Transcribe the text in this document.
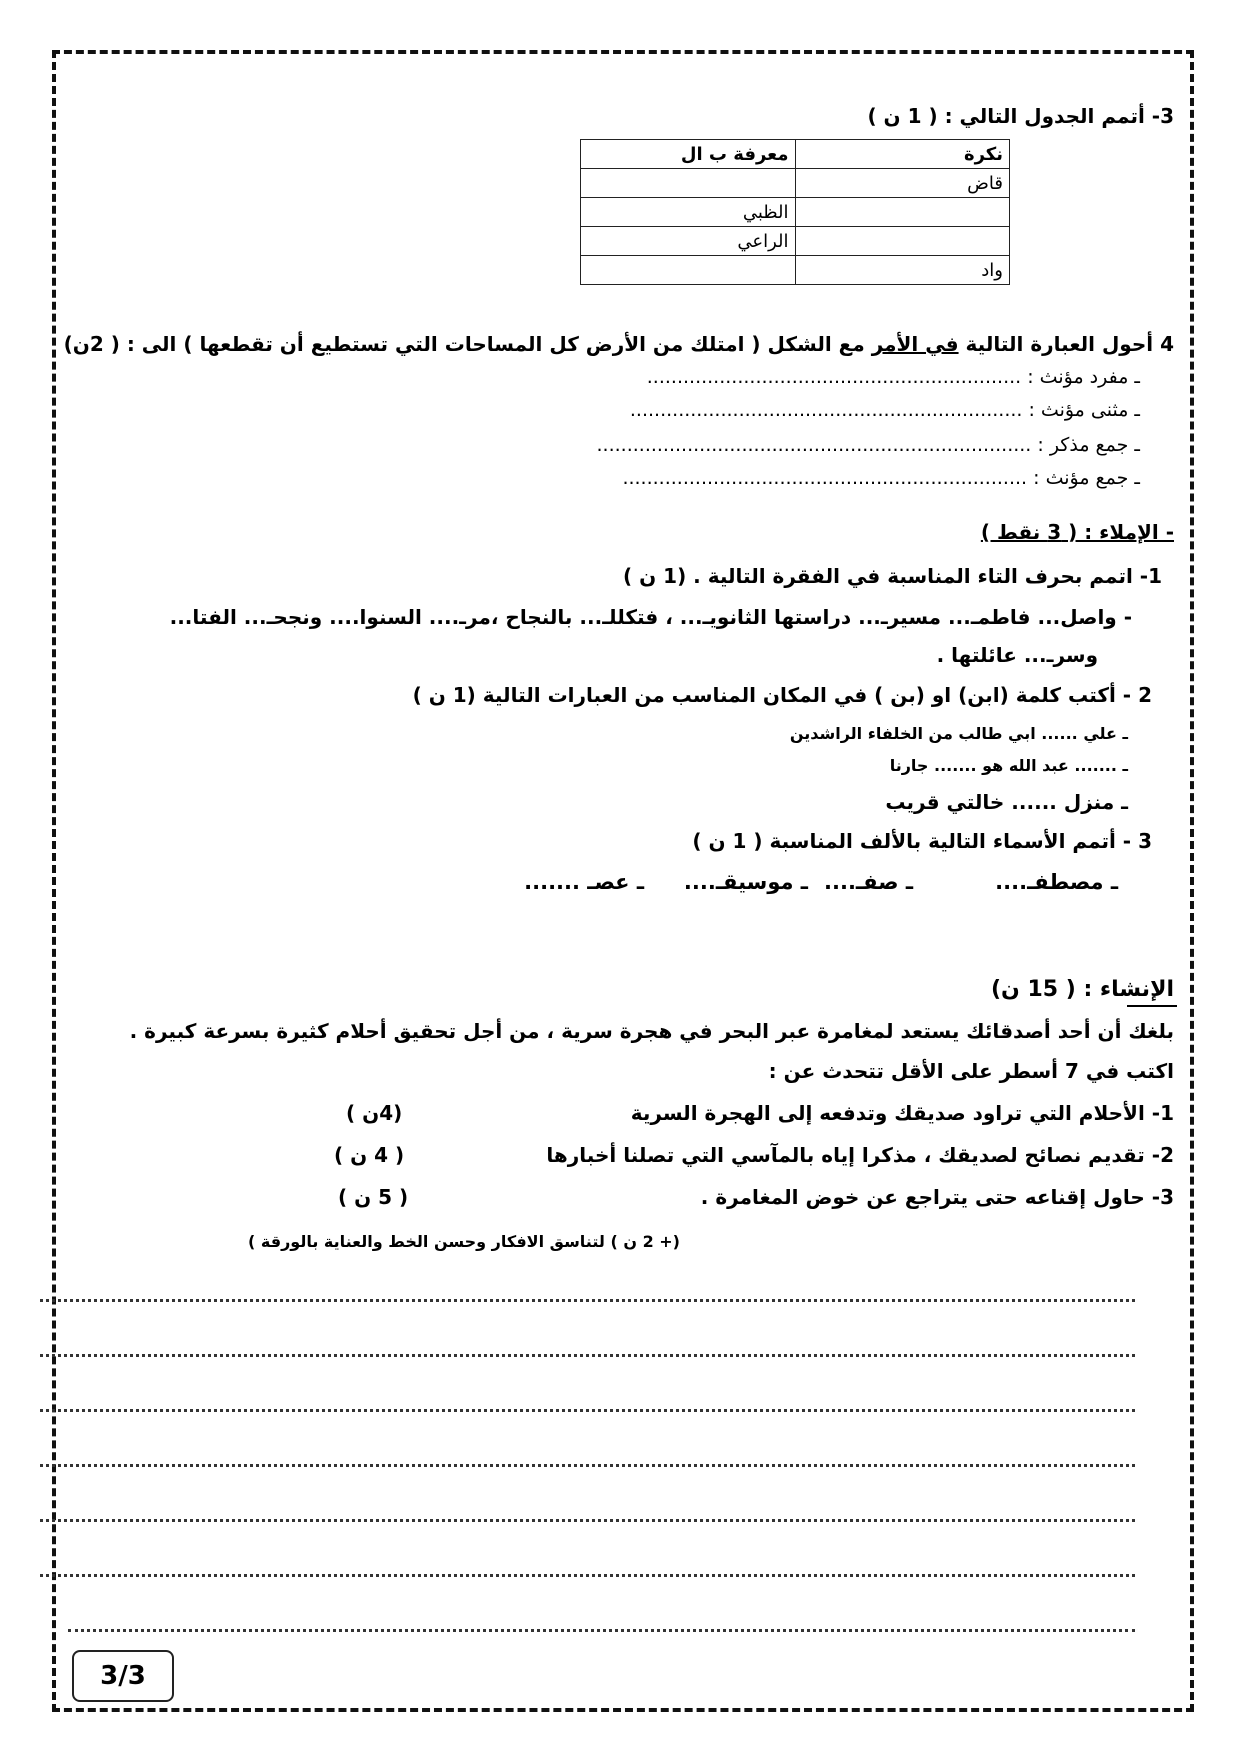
3- أتمم الجدول التالي : ( 1 ن )
نكرة	معرفة ب ال
قاض	
	الظبي
	الراعي
واد	
4 أحول العبارة التالية في الأمر مع الشكل ( امتلك من الأرض كل المساحات التي تستطيع أن تقطعها ) الى : ( 2ن)
ـ مفرد مؤنث : ..............................................................
ـ مثنى مؤنث : .................................................................
ـ جمع مذكر : ........................................................................
ـ جمع مؤنث : ...................................................................
- الإملاء : ( 3 نقط )
1- اتمم بحرف التاء المناسبة في الفقرة التالية . (1 ن )
- واصل... فاطمـ... مسيرـ... دراستها الثانويـ... ، فتكللـ... بالنجاح ،مرـ.... السنوا.... ونجحـ... الفتا...
وسرـ... عائلتها .
2 - أكتب كلمة (ابن) او (بن ) في المكان المناسب من العبارات التالية (1 ن )
ـ علي ...... ابي طالب من الخلفاء الراشدين
ـ ....... عبد الله هو ....... جارنا
ـ منزل ...... خالتي قريب
3 - أتمم الأسماء التالية بالألف المناسبة ( 1 ن )
ـ مصطفـ....
ـ صفـ....
ـ موسيقـ....
ـ عصـ .......
الإنشاء : ( 15 ن)
بلغك أن أحد أصدقائك يستعد لمغامرة عبر البحر في هجرة سرية ، من أجل تحقيق أحلام كثيرة بسرعة كبيرة .
اكتب في 7 أسطر على الأقل تتحدث عن :
1- الأحلام التي تراود صديقك وتدفعه إلى الهجرة السرية
(4ن )
2- تقديم نصائح لصديقك ، مذكرا إياه بالمآسي التي تصلنا أخبارها
( 4 ن )
3- حاول إقناعه حتى يتراجع عن خوض المغامرة .
( 5 ن )
(+ 2 ن ) لتناسق الافكار وحسن الخط والعناية بالورقة )
3/3
